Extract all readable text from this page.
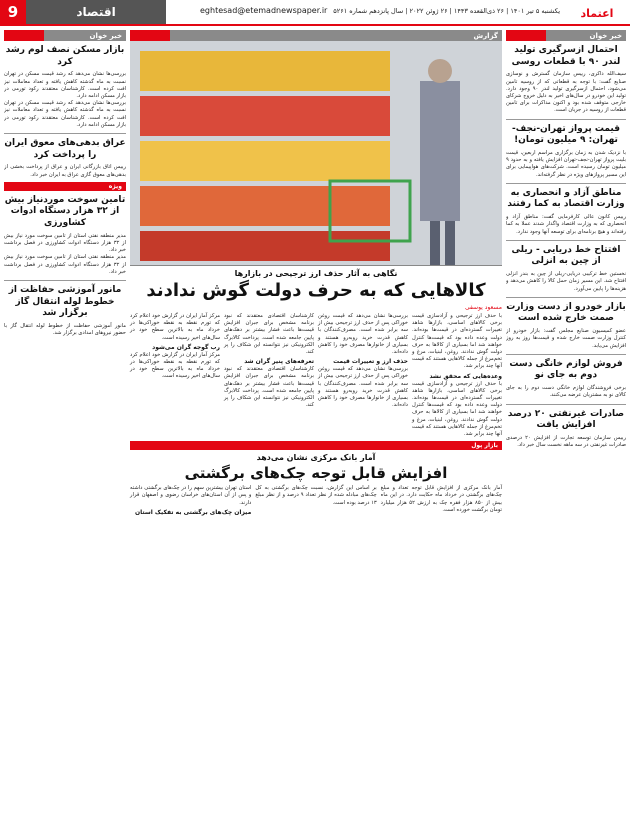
9	اقتصاد	eghtesad@etemadnewspaper.ir یکشنبه ۵ تیر ۱۴۰۱ | ۲۶ ذی‌القعده ۱۴۴۳ | ۲۶ ژوئن ۲۰۲۲ | سال پانزدهم شماره ۵۲۶۱ اعتماد
خبر خوان
احتمال ازسرگیری تولید لندر ۹۰ با قطعات روسی
سیف‌الله ذاکری، رییس سازمان گسترش و نوسازی صنایع گفت: با توجه به قطعاتی که از روسیه تامین می‌شود، احتمال ازسرگیری تولید لندر ۹۰ وجود دارد. تولید این خودرو در سال‌های اخیر به دلیل خروج شرکای خارجی متوقف شده بود و اکنون مذاکرات برای تامین قطعات از روسیه در جریان است.
قیمت پرواز تهران-نجف-تهران: ۹ میلیون تومان!
با نزدیک شدن به زمان برگزاری مراسم اربعین، قیمت بلیت پرواز تهران-نجف-تهران افزایش یافته و به حدود ۹ میلیون تومان رسیده است. شرکت‌های هواپیمایی برای این مسیر پروازهای ویژه در نظر گرفته‌اند.
مناطق آزاد و انحصاری به وزارت اقتصاد به کما رفتند
رییس کانون عالی کارفرمایی گفت: مناطق آزاد و انحصاری که به وزارت اقتصاد واگذار شدند عملا به کما رفته‌اند و هیچ برنامه‌ای برای توسعه آنها وجود ندارد.
افتتاح خط دریایی - ریلی از چین به انزلی
نخستین خط ترکیبی دریایی-ریلی از چین به بندر انزلی افتتاح شد. این مسیر زمان حمل کالا را کاهش می‌دهد و هزینه‌ها را پایین می‌آورد.
بازار خودرو از دست وزارت صمت خارج شده است
عضو کمیسیون صنایع مجلس گفت: بازار خودرو از کنترل وزارت صمت خارج شده و قیمت‌ها روز به روز افزایش می‌یابد.
فروش لوازم خانگی دست دوم به جای نو
برخی فروشندگان لوازم خانگی دست دوم را به جای کالای نو به مشتریان عرضه می‌کنند.
صادرات غیرنفتی ۲۰ درصد افزایش یافت
رییس سازمان توسعه تجارت از افزایش ۲۰ درصدی صادرات غیرنفتی در سه ماهه نخست سال خبر داد.
گزارش
نگاهی به آثار حذف ارز ترجیحی در بازارها
کالاهایی که به حرف دولت گوش ندادند
مسعود یوسفی
با حذف ارز ترجیحی و آزادسازی قیمت برخی کالاهای اساسی، بازارها شاهد تغییرات گسترده‌ای در قیمت‌ها بوده‌اند. دولت وعده داده بود که قیمت‌ها کنترل خواهند شد اما بسیاری از کالاها به حرف دولت گوش ندادند. روغن، لبنیات، مرغ و تخم‌مرغ از جمله کالاهایی هستند که قیمت آنها چند برابر شد.
وعده‌هایی که محقق نشد
با حذف ارز ترجیحی و آزادسازی قیمت برخی کالاهای اساسی، بازارها شاهد تغییرات گسترده‌ای در قیمت‌ها بوده‌اند. دولت وعده داده بود که قیمت‌ها کنترل خواهند شد اما بسیاری از کالاها به حرف دولت گوش ندادند. روغن، لبنیات، مرغ و تخم‌مرغ از جمله کالاهایی هستند که قیمت آنها چند برابر شد.
بررسی‌ها نشان می‌دهد که قیمت روغن خوراکی پس از حذف ارز ترجیحی بیش از سه برابر شده است. مصرف‌کنندگان با کاهش قدرت خرید روبه‌رو هستند و بسیاری از خانوارها مصرف خود را کاهش داده‌اند.
حذف ارز و تغییرات قیمت
بررسی‌ها نشان می‌دهد که قیمت روغن خوراکی پس از حذف ارز ترجیحی بیش از سه برابر شده است. مصرف‌کنندگان با کاهش قدرت خرید روبه‌رو هستند و بسیاری از خانوارها مصرف خود را کاهش داده‌اند.
کارشناسان اقتصادی معتقدند که نبود برنامه مشخص برای جبران افزایش قیمت‌ها باعث فشار بیشتر بر دهک‌های پایین جامعه شده است. پرداخت کالابرگ الکترونیکی نیز نتوانسته این شکاف را پر کند.
تعرفه‌های پنیر گران شد
کارشناسان اقتصادی معتقدند که نبود برنامه مشخص برای جبران افزایش قیمت‌ها باعث فشار بیشتر بر دهک‌های پایین جامعه شده است. پرداخت کالابرگ الکترونیکی نیز نتوانسته این شکاف را پر کند.
مرکز آمار ایران در گزارش خود اعلام کرد که تورم نقطه به نقطه خوراکی‌ها در خرداد ماه به بالاترین سطح خود در سال‌های اخیر رسیده است.
رب گوجه گران می‌شود
مرکز آمار ایران در گزارش خود اعلام کرد که تورم نقطه به نقطه خوراکی‌ها در خرداد ماه به بالاترین سطح خود در سال‌های اخیر رسیده است.
بازار پول
آمار بانک مرکزی نشان می‌دهد
افزایش قابل توجه چک‌های برگشتی
آمار بانک مرکزی از افزایش قابل توجه تعداد و مبلغ چک‌های برگشتی در خرداد ماه حکایت دارد. در این ماه بیش از ۸۵۰ هزار فقره چک به ارزش ۵۲ هزار میلیارد تومان برگشت خورده است.
بر اساس این گزارش، نسبت چک‌های برگشتی به کل چک‌های مبادله شده از نظر تعداد ۹ درصد و از نظر مبلغ ۱۳ درصد بوده است.
استان تهران بیشترین سهم را در چک‌های برگشتی داشته و پس از آن استان‌های خراسان رضوی و اصفهان قرار دارند.
میزان چک‌های برگشتی به تفکیک استان
خبر خوان
بازار مسکن نصف لوم رشد کرد
بررسی‌ها نشان می‌دهد که رشد قیمت مسکن در تهران نسبت به ماه گذشته کاهش یافته و تعداد معاملات نیز افت کرده است. کارشناسان معتقدند رکود تورمی در بازار مسکن ادامه دارد.
بررسی‌ها نشان می‌دهد که رشد قیمت مسکن در تهران نسبت به ماه گذشته کاهش یافته و تعداد معاملات نیز افت کرده است. کارشناسان معتقدند رکود تورمی در بازار مسکن ادامه دارد.
عراق بدهی‌های معوق ایران را پرداخت کرد
رییس اتاق بازرگانی ایران و عراق از پرداخت بخشی از بدهی‌های معوق گازی عراق به ایران خبر داد.
ویژه
تامین سوخت موردنیاز بیش از ۳۲ هزار دستگاه ادوات کشاورزی
مدیر منطقه نفتی استان از تامین سوخت مورد نیاز بیش از ۳۲ هزار دستگاه ادوات کشاورزی در فصل برداشت خبر داد.
مدیر منطقه نفتی استان از تامین سوخت مورد نیاز بیش از ۳۲ هزار دستگاه ادوات کشاورزی در فصل برداشت خبر داد.
مانور آموزشی حفاظت از خطوط لوله انتقال گاز برگزار شد
مانور آموزشی حفاظت از خطوط لوله انتقال گاز با حضور نیروهای امدادی برگزار شد.
